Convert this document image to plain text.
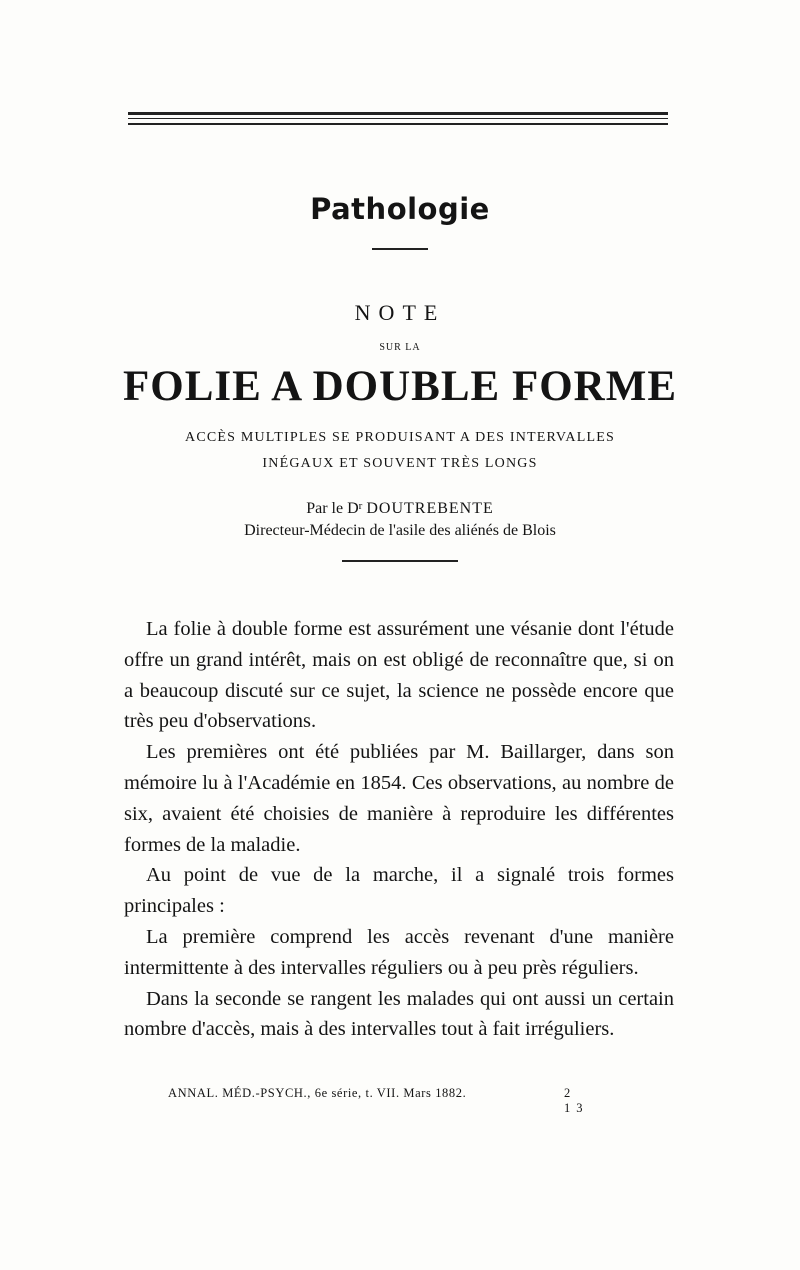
Pathologie
NOTE
SUR LA
FOLIE A DOUBLE FORME
ACCÈS MULTIPLES SE PRODUISANT A DES INTERVALLES
INÉGAUX ET SOUVENT TRÈS LONGS
Par le $D^r$ DOUTREBENTE
Directeur-Médecin de l'asile des aliénés de Blois

La folie à double forme est assurément une vésanie dont l'étude offre un grand intérêt, mais on est obligé de reconnaître que, si on a beaucoup discuté sur ce sujet, la science ne possède encore que très peu d'observations.

Les premières ont été publiées par M. Baillarger, dans son mémoire lu à l'Académie en 1854. Ces observations, au nombre de six, avaient été choisies de manière à reproduire les différentes formes de la maladie.

Au point de vue de la marche, il a signalé trois formes principales :

La première comprend les accès revenant d'une manière intermittente à des intervalles réguliers ou à peu près réguliers.

Dans la seconde se rangent les malades qui ont aussi un certain nombre d'accès, mais à des intervalles tout à fait irréguliers.

ANNAL. MÉD.-PSYCH., 6e série, t. VII. Mars 1882.	2 13
